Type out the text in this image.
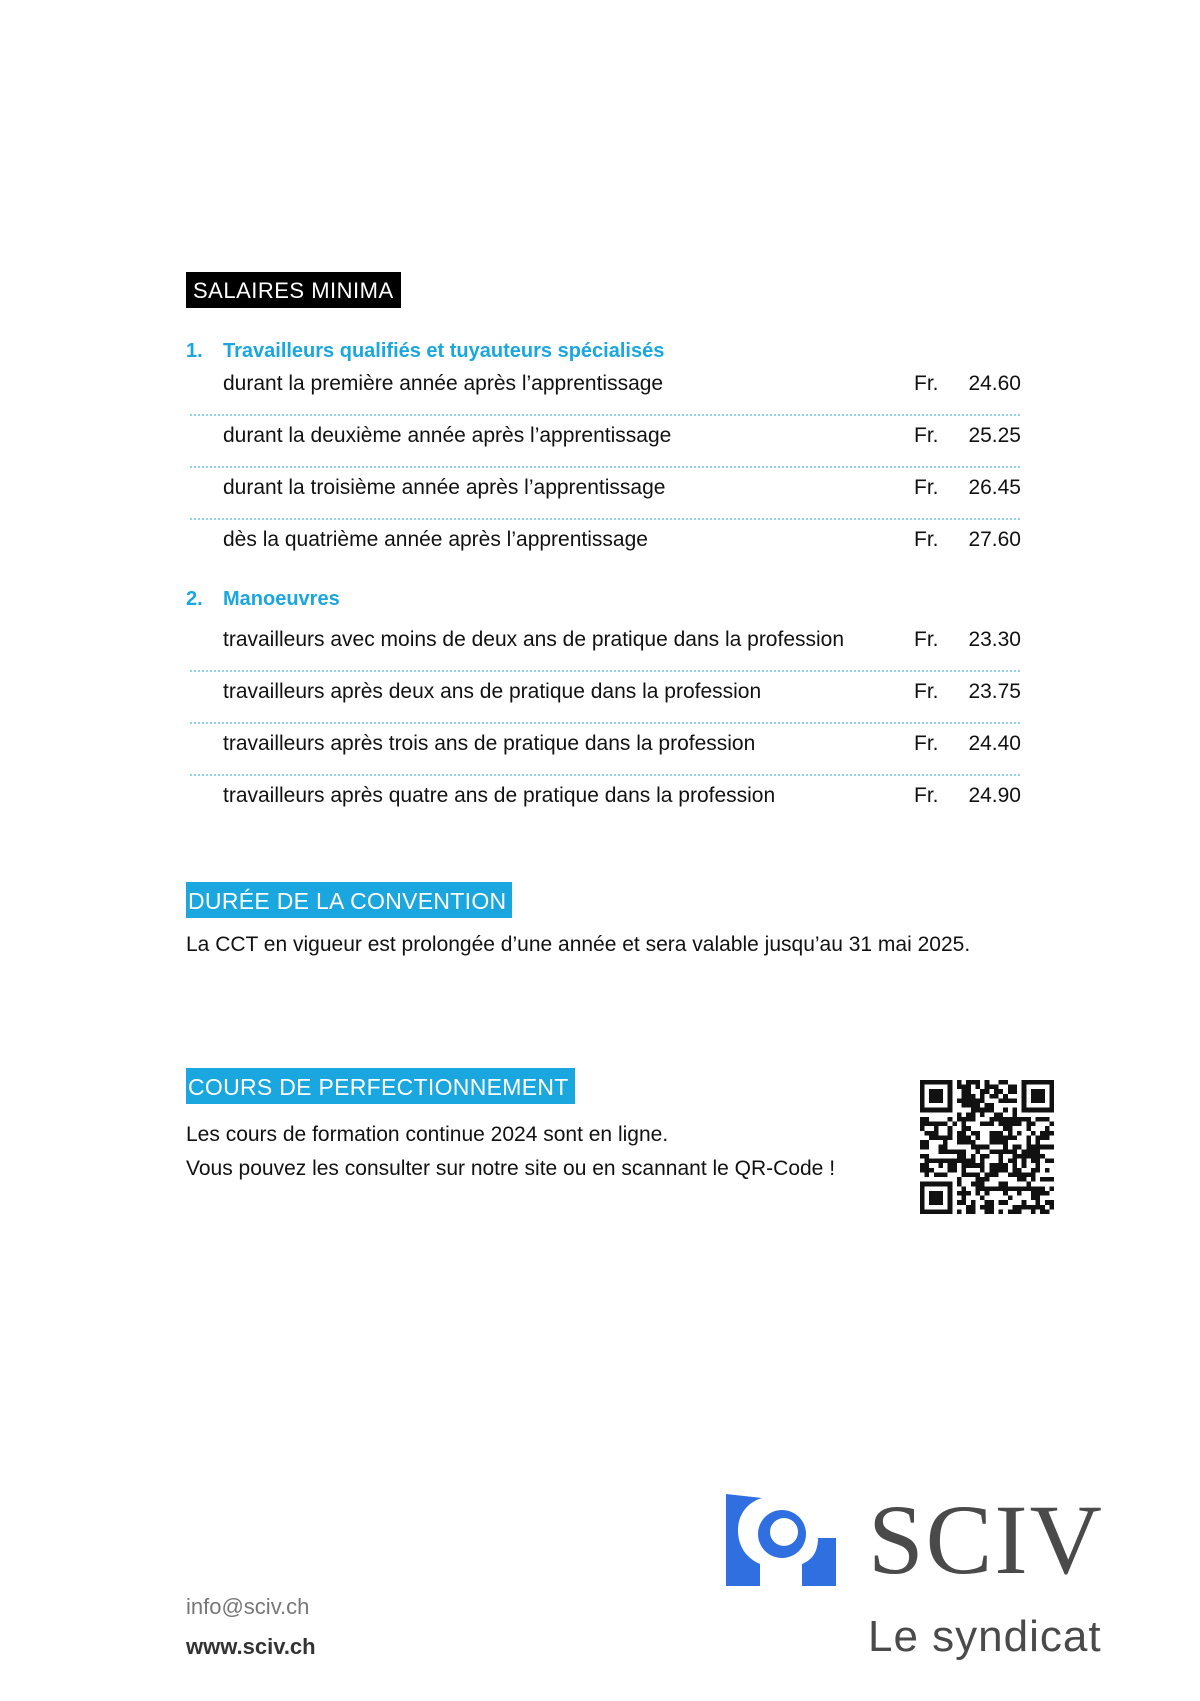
SALAIRES MINIMA
1. Travailleurs qualifiés et tuyauteurs spécialisés
durant la première année après l’apprentissage	Fr. 24.60
durant la deuxième année après l’apprentissage	Fr. 25.25
durant la troisième année après l’apprentissage	Fr. 26.45
dès la quatrième année après l’apprentissage	Fr. 27.60
2. Manoeuvres
travailleurs avec moins de deux ans de pratique dans la profession	Fr. 23.30
travailleurs après deux ans de pratique dans la profession	Fr. 23.75
travailleurs après trois ans de pratique dans la profession	Fr. 24.40
travailleurs après quatre ans de pratique dans la profession	Fr. 24.90
DURÉE DE LA CONVENTION
La CCT en vigueur est prolongée d’une année et sera valable jusqu’au 31 mai 2025.
COURS DE PERFECTIONNEMENT
Les cours de formation continue 2024 sont en ligne.
Vous pouvez les consulter sur notre site ou en scannant le QR-Code !
info@sciv.ch
www.sciv.ch
SCIV
Le syndicat
